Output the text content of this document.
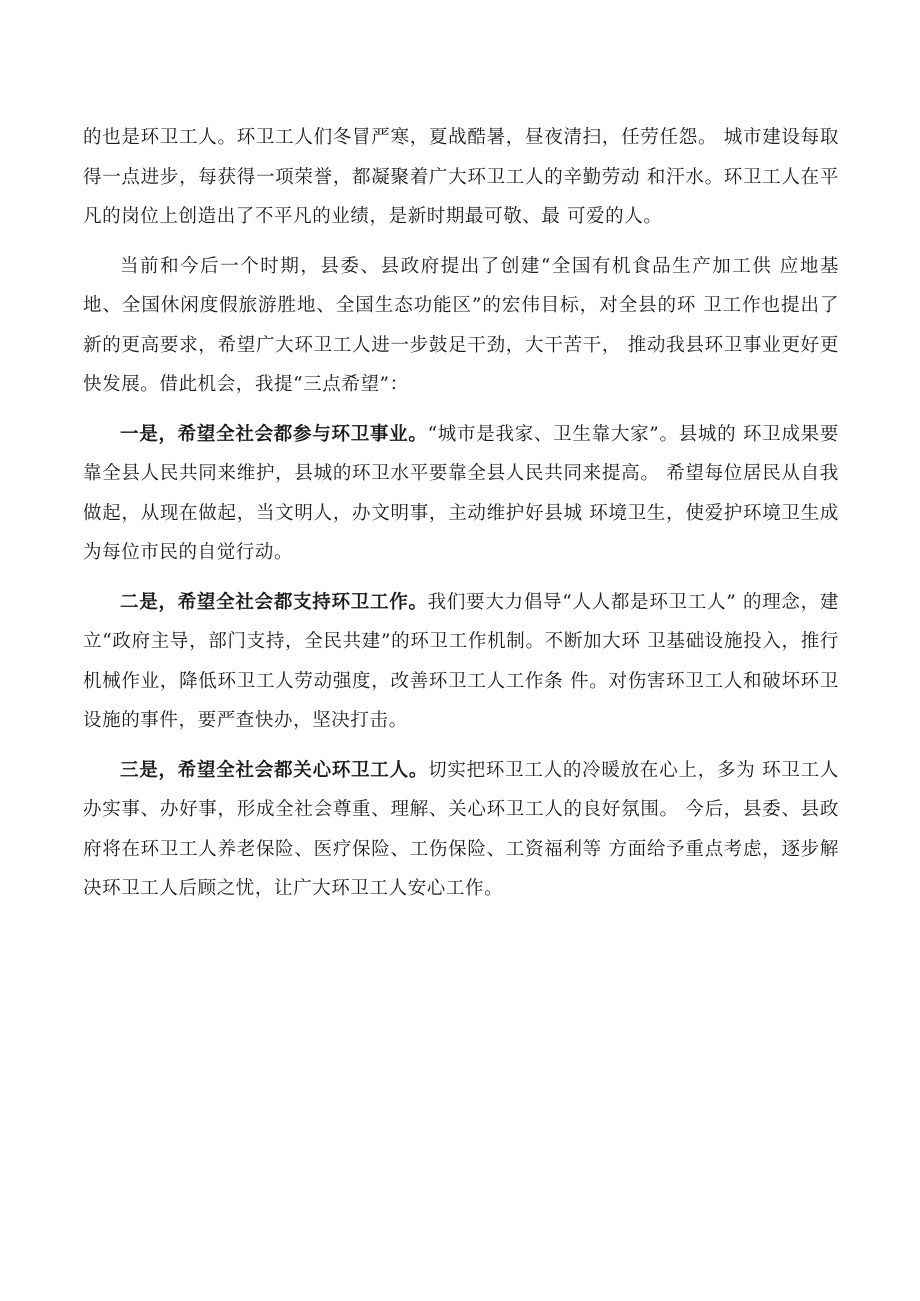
的也是环卫工人。环卫工人们冬冒严寒，夏战酷暑，昼夜清扫，任劳任怨。 城市建设每取得一点进步，每获得一项荣誉，都凝聚着广大环卫工人的辛勤劳动 和汗水。环卫工人在平凡的岗位上创造出了不平凡的业绩，是新时期最可敬、最 可爱的人。

当前和今后一个时期，县委、县政府提出了创建“全国有机食品生产加工供 应地基地、全国休闲度假旅游胜地、全国生态功能区”的宏伟目标，对全县的环 卫工作也提出了新的更高要求，希望广大环卫工人进一步鼓足干劲，大干苦干， 推动我县环卫事业更好更快发展。借此机会，我提“三点希望”：

一是，希望全社会都参与环卫事业。“城市是我家、卫生靠大家”。县城的 环卫成果要靠全县人民共同来维护，县城的环卫水平要靠全县人民共同来提高。 希望每位居民从自我做起，从现在做起，当文明人，办文明事，主动维护好县城 环境卫生，使爱护环境卫生成为每位市民的自觉行动。

二是，希望全社会都支持环卫工作。我们要大力倡导“人人都是环卫工人” 的理念，建立“政府主导，部门支持，全民共建”的环卫工作机制。不断加大环 卫基础设施投入，推行机械作业，降低环卫工人劳动强度，改善环卫工人工作条 件。对伤害环卫工人和破坏环卫设施的事件，要严查快办，坚决打击。

三是，希望全社会都关心环卫工人。切实把环卫工人的冷暖放在心上，多为 环卫工人办实事、办好事，形成全社会尊重、理解、关心环卫工人的良好氛围。 今后，县委、县政府将在环卫工人养老保险、医疗保险、工伤保险、工资福利等 方面给予重点考虑，逐步解决环卫工人后顾之忧，让广大环卫工人安心工作。
